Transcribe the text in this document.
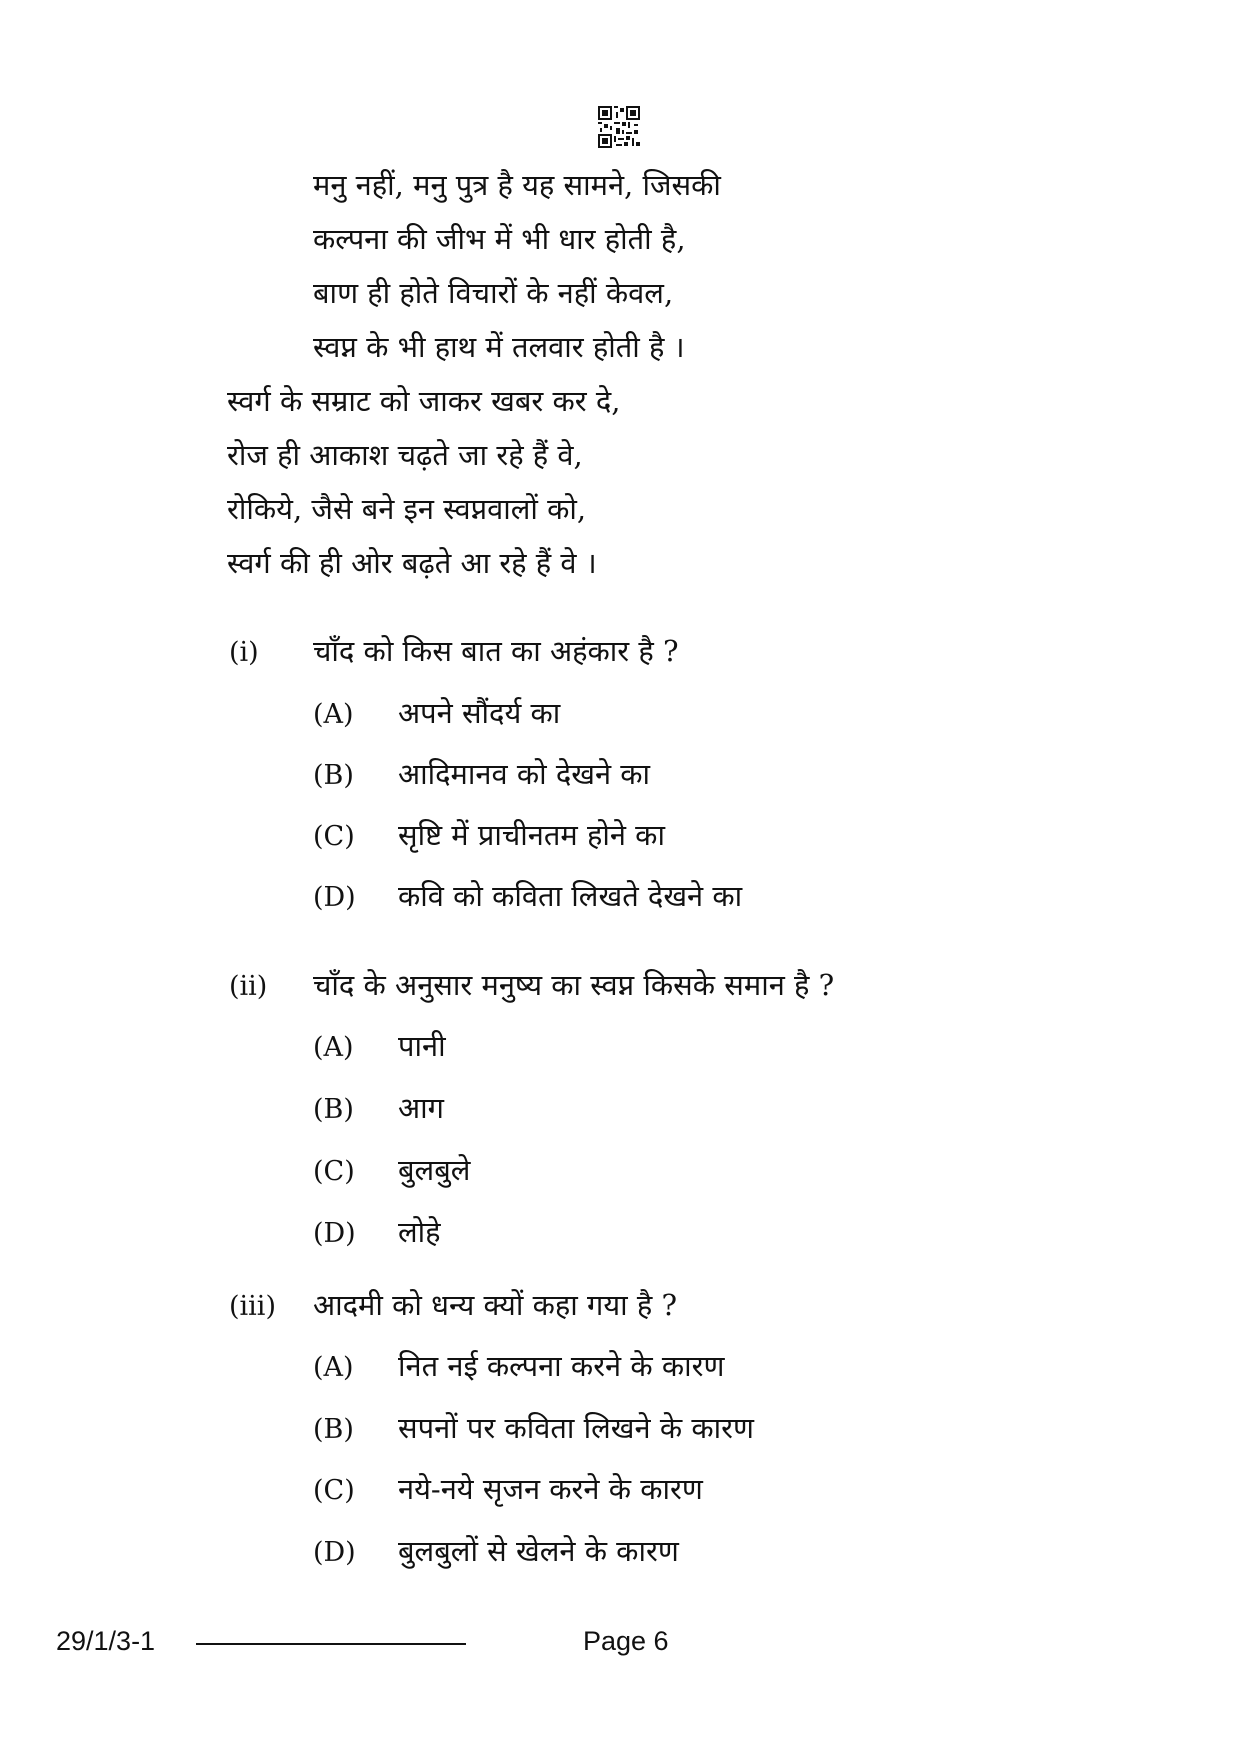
मनु नहीं, मनु पुत्र है यह सामने, जिसकी
कल्पना की जीभ में भी धार होती है,
बाण ही होते विचारों के नहीं केवल,
स्वप्न के भी हाथ में तलवार होती है ।
स्वर्ग के सम्राट को जाकर खबर कर दे,
रोज ही आकाश चढ़ते जा रहे हैं वे,
रोकिये, जैसे बने इन स्वप्नवालों को,
स्वर्ग की ही ओर बढ़ते आ रहे हैं वे ।
(i) चाँद को किस बात का अहंकार है ?
(A) अपने सौंदर्य का
(B) आदिमानव को देखने का
(C) सृष्टि में प्राचीनतम होने का
(D) कवि को कविता लिखते देखने का
(ii) चाँद के अनुसार मनुष्य का स्वप्न किसके समान है ?
(A) पानी
(B) आग
(C) बुलबुले
(D) लोहे
(iii) आदमी को धन्य क्यों कहा गया है ?
(A) नित नई कल्पना करने के कारण
(B) सपनों पर कविता लिखने के कारण
(C) नये-नये सृजन करने के कारण
(D) बुलबुलों से खेलने के कारण
29/1/3-1	Page 6
